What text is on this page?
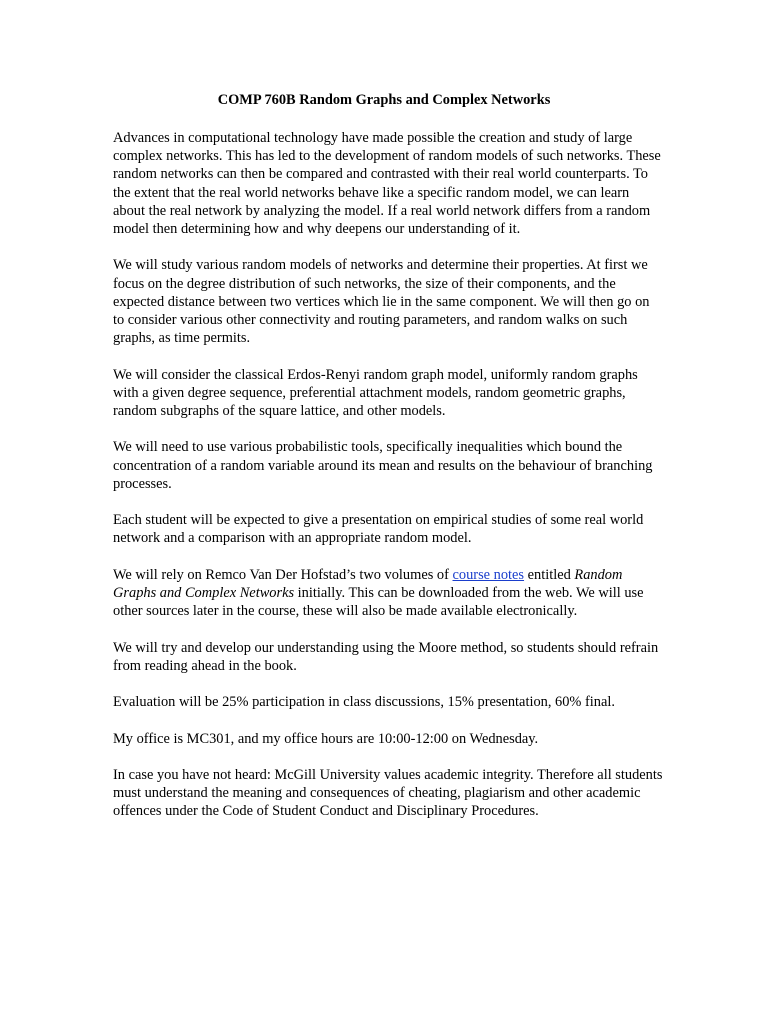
COMP 760B Random Graphs and Complex Networks

Advances in computational technology have made possible the creation and study of large complex networks. This has led to the development of random models of such networks. These random networks can then be compared and contrasted with their real world counterparts. To the extent that the real world networks behave like a specific random model, we can learn about the real network by analyzing the model. If a real world network differs from a random model then determining how and why deepens our understanding of it.

We will study various random models of networks and determine their properties. At first we focus on the degree distribution of such networks, the size of their components, and the expected distance between two vertices which lie in the same component. We will then go on to consider various other connectivity and routing parameters, and random walks on such graphs, as time permits.

We will consider the classical Erdos-Renyi random graph model, uniformly random graphs with a given degree sequence, preferential attachment models, random geometric graphs, random subgraphs of the square lattice, and other models.

We will need to use various probabilistic tools, specifically inequalities which bound the concentration of a random variable around its mean and results on the behaviour of branching processes.

Each student will be expected to give a presentation on empirical studies of some real world network and a comparison with an appropriate random model.

We will rely on Remco Van Der Hofstad’s two volumes of course notes entitled Random Graphs and Complex Networks initially. This can be downloaded from the web. We will use other sources later in the course, these will also be made available electronically.

We will try and develop our understanding using the Moore method, so students should refrain from reading ahead in the book.

Evaluation will be 25% participation in class discussions, 15% presentation, 60% final.

My office is MC301, and my office hours are 10:00-12:00 on Wednesday.

In case you have not heard: McGill University values academic integrity. Therefore all students must understand the meaning and consequences of cheating, plagiarism and other academic offences under the Code of Student Conduct and Disciplinary Procedures.
